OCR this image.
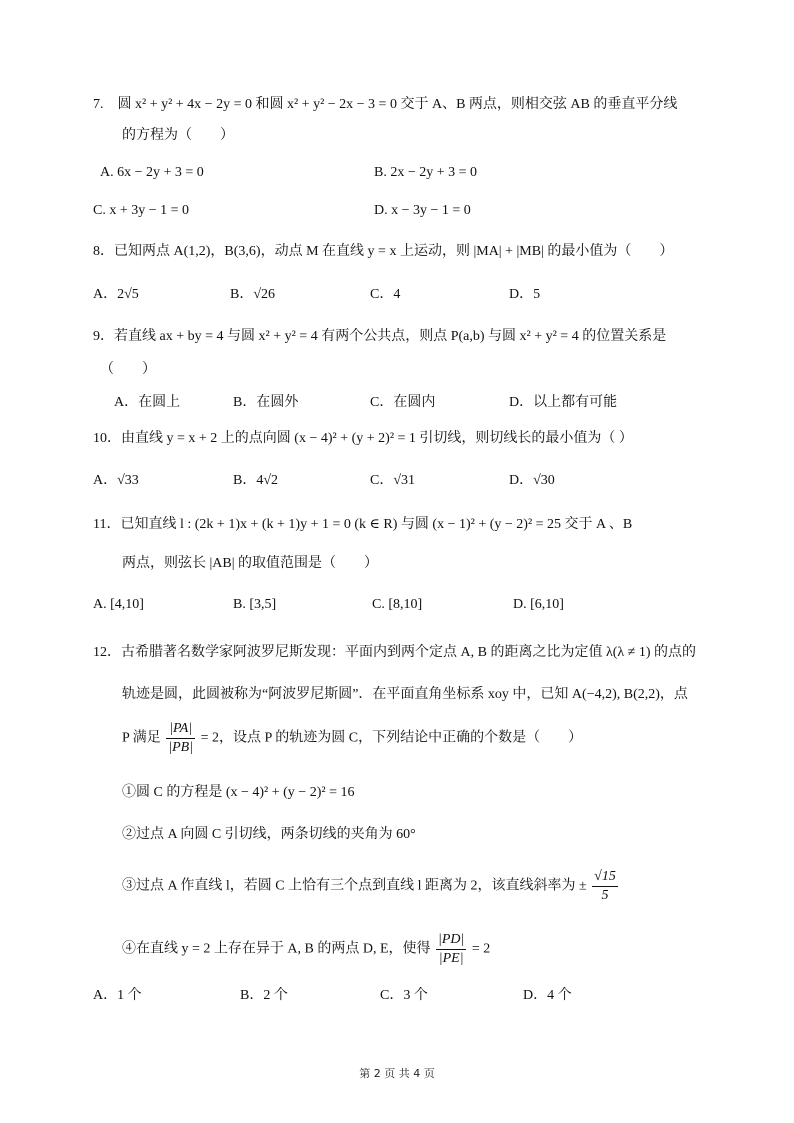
7.　圆 x² + y² + 4x − 2y = 0 和圆 x² + y² − 2x − 3 = 0 交于 A、B 两点，则相交弦 AB 的垂直平分线
的方程为（　　）
A. 6x − 2y + 3 = 0	B. 2x − 2y + 3 = 0
C. x + 3y − 1 = 0	D. x − 3y − 1 = 0
8．已知两点 A(1,2)，B(3,6)，动点 M 在直线 y = x 上运动，则 |MA| + |MB| 的最小值为（　　）
A．2√5	B．√26	C．4	D．5
9．若直线 ax + by = 4 与圆 x² + y² = 4 有两个公共点，则点 P(a,b) 与圆 x² + y² = 4 的位置关系是
（　　）
A．在圆上	B．在圆外	C．在圆内	D．以上都有可能
10．由直线 y = x + 2 上的点向圆 (x − 4)² + (y + 2)² = 1 引切线，则切线长的最小值为（ ）
A．√33	B．4√2	C．√31	D．√30
11．已知直线 l : (2k + 1)x + (k + 1)y + 1 = 0 (k ∈ R) 与圆 (x − 1)² + (y − 2)² = 25 交于 A 、B
两点，则弦长 |AB| 的取值范围是（　　）
A. [4,10]	B. [3,5]	C. [8,10]	D. [6,10]
12．古希腊著名数学家阿波罗尼斯发现：平面内到两个定点 A, B 的距离之比为定值 λ(λ ≠ 1) 的点的
轨迹是圆，此圆被称为“阿波罗尼斯圆”．在平面直角坐标系 xoy 中，已知 A(−4,2), B(2,2)，点
P 满足 $\frac{|PA|}{|PB|} = 2$，设点 P 的轨迹为圆 C，下列结论中正确的个数是（　　）
①圆 C 的方程是 (x − 4)² + (y − 2)² = 16
②过点 A 向圆 C 引切线，两条切线的夹角为 60°
③过点 A 作直线 l，若圆 C 上恰有三个点到直线 l 距离为 2，该直线斜率为 ± $\frac{√15}{5}$
④在直线 y = 2 上存在异于 A, B 的两点 D, E，使得 $\frac{|PD|}{|PE|} = 2$
A．1 个	B．2 个	C．3 个	D．4 个
第 2 页 共 4 页
